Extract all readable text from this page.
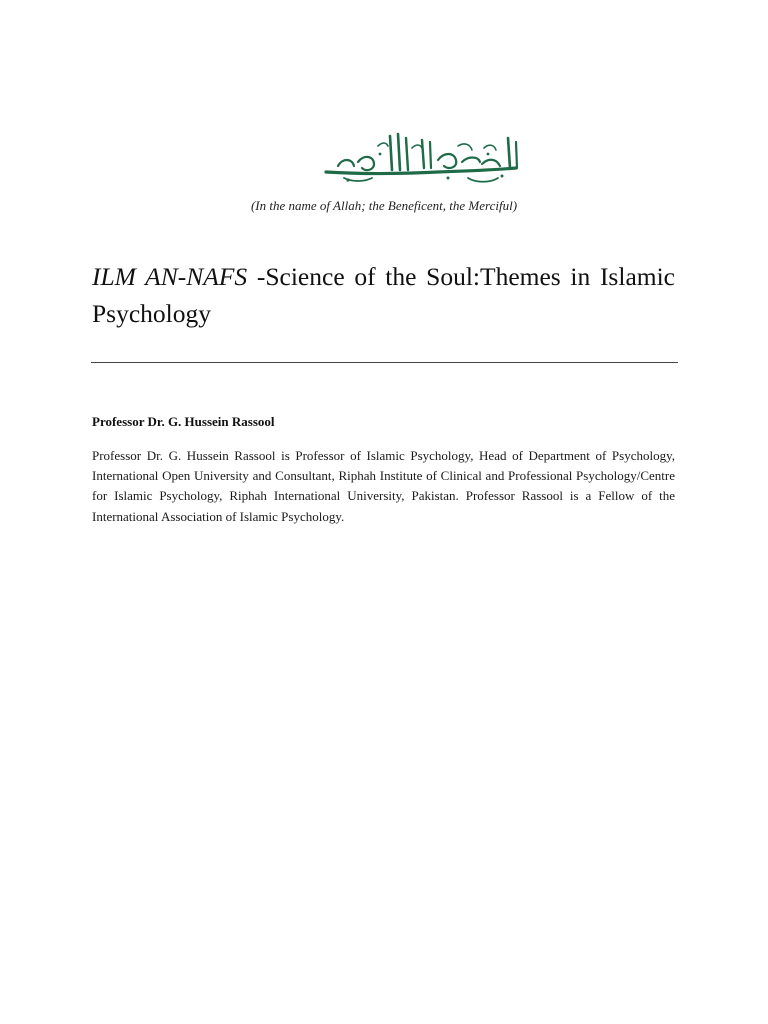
(In the name of Allah; the Beneficent, the Merciful)
ILM AN-NAFS -Science of the Soul:Themes in Islamic Psychology
Professor Dr. G. Hussein Rassool
Professor Dr. G. Hussein Rassool is Professor of Islamic Psychology, Head of Department of Psychology, International Open University and Consultant, Riphah Institute of Clinical and Professional Psychology/Centre for Islamic Psychology, Riphah International University, Pakistan. Professor Rassool is a Fellow of the International Association of Islamic Psychology.
